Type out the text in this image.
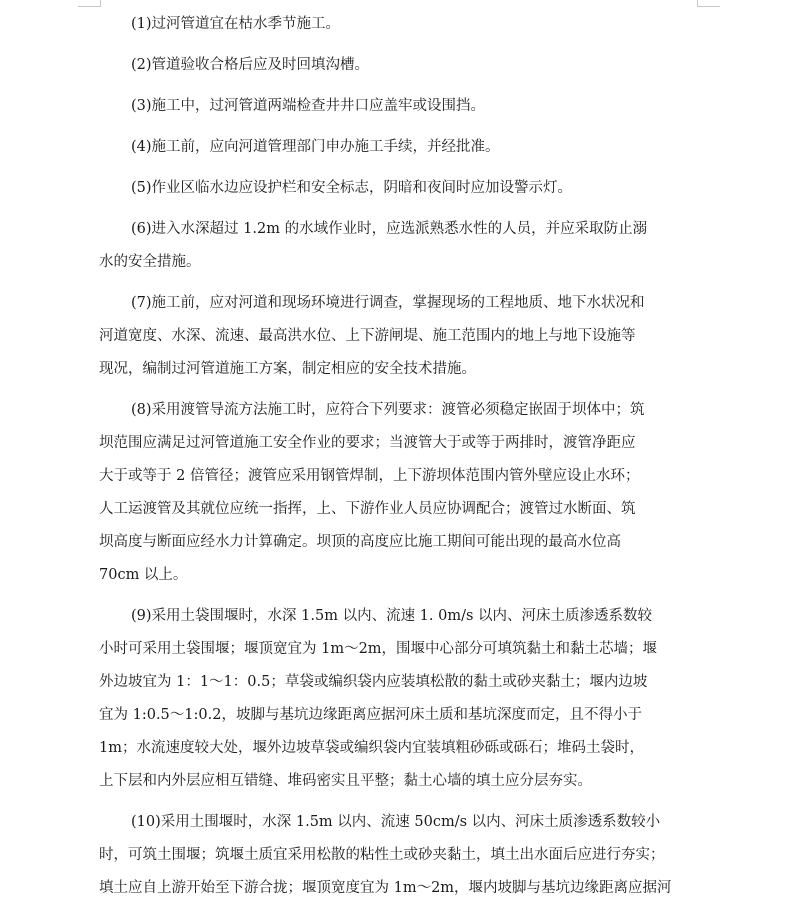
(1)过河管道宜在枯水季节施工。

(2)管道验收合格后应及时回填沟槽。

(3)施工中，过河管道两端检查井井口应盖牢或设围挡。

(4)施工前，应向河道管理部门申办施工手续，并经批准。

(5)作业区临水边应设护栏和安全标志，阴暗和夜间时应加设警示灯。

(6)进入水深超过 1.2m 的水域作业时，应选派熟悉水性的人员，并应采取防止溺
水的安全措施。

(7)施工前，应对河道和现场环境进行调查，掌握现场的工程地质、地下水状况和
河道宽度、水深、流速、最高洪水位、上下游闸堤、施工范围内的地上与地下设施等
现况，编制过河管道施工方案，制定相应的安全技术措施。

(8)采用渡管导流方法施工时，应符合下列要求：渡管必须稳定嵌固于坝体中；筑
坝范围应满足过河管道施工安全作业的要求；当渡管大于或等于两排时，渡管净距应
大于或等于 2 倍管径；渡管应采用钢管焊制，上下游坝体范围内管外壁应设止水环；
人工运渡管及其就位应统一指挥，上、下游作业人员应协调配合；渡管过水断面、筑
坝高度与断面应经水力计算确定。坝顶的高度应比施工期间可能出现的最高水位高
70cm 以上。

(9)采用土袋围堰时，水深 1.5m 以内、流速 1. 0m/s 以内、河床土质渗透系数较
小时可采用土袋围堰；堰顶宽宜为 1m～2m，围堰中心部分可填筑黏土和黏土芯墙；堰
外边坡宜为 1：1～1：0.5；草袋或编织袋内应装填松散的黏土或砂夹黏土；堰内边坡
宜为 1:0.5～1:0.2，坡脚与基坑边缘距离应据河床土质和基坑深度而定，且不得小于
1m；水流速度较大处，堰外边坡草袋或编织袋内宜装填粗砂砾或砾石；堆码土袋时，
上下层和内外层应相互错缝、堆码密实且平整；黏土心墙的填土应分层夯实。

(10)采用土围堰时，水深 1.5m 以内、流速 50cm/s 以内、河床土质渗透系数较小
时，可筑土围堰；筑堰土质宜采用松散的粘性土或砂夹黏土，填土出水面后应进行夯实；
填土应自上游开始至下游合拢；堰顶宽度宜为 1m～2m，堰内坡脚与基坑边缘距离应据河
